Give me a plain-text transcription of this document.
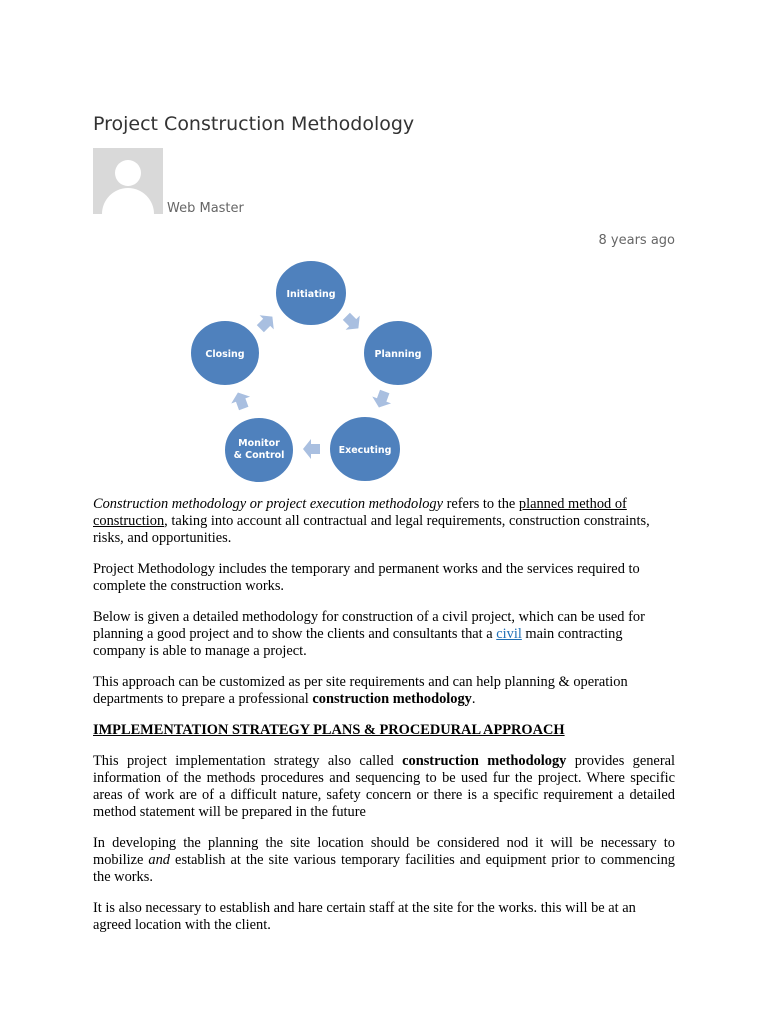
Project Construction Methodology
Web Master
8 years ago
Initiating
Planning
Executing
Monitor
& Control
Closing

Construction methodology or project execution methodology refers to the planned method of construction, taking into account all contractual and legal requirements, construction constraints, risks, and opportunities.

Project Methodology includes the temporary and permanent works and the services required to complete the construction works.

Below is given a detailed methodology for construction of a civil project, which can be used for planning a good project and to show the clients and consultants that a civil main contracting company is able to manage a project.

This approach can be customized as per site requirements and can help planning & operation departments to prepare a professional construction methodology.

IMPLEMENTATION STRATEGY PLANS & PROCEDURAL APPROACH

This project implementation strategy also called construction methodology provides general information of the methods procedures and sequencing to be used fur the project. Where specific areas of work are of a difficult nature, safety concern or there is a specific requirement a detailed method statement will be prepared in the future

In developing the planning the site location should be considered nod it will be necessary to mobilize and establish at the site various temporary facilities and equipment prior to commencing the works.

It is also necessary to establish and hare certain staff at the site for the works. this will be at an agreed location with the client.
